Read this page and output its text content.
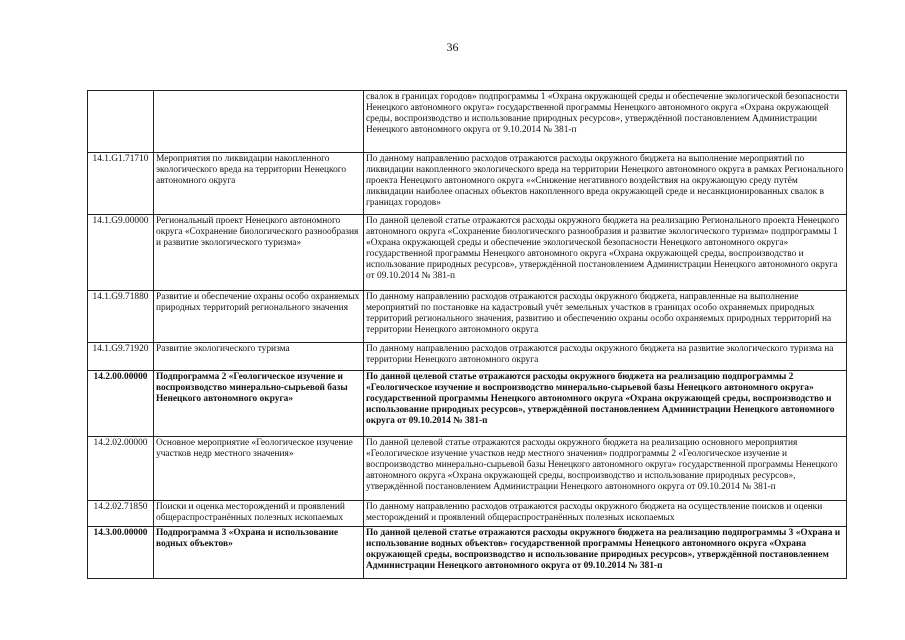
36
		свалок в границах городов» подпрограммы 1 «Охрана окружающей среды и обеспечение экологической безопасности Ненецкого автономного округа» государственной программы Ненецкого автономного округа «Охрана окружающей среды, воспроизводство и использование природных ресурсов», утверждённой постановлением Администрации Ненецкого автономного округа от 9.10.2014 № 381-п
14.1.G1.71710	Мероприятия по ликвидации накопленного экологического вреда на территории Ненецкого автономного округа	По данному направлению расходов отражаются расходы окружного бюджета на выполнение мероприятий по ликвидации накопленного экологического вреда на территории Ненецкого автономного округа в рамках Регионального проекта Ненецкого автономного округа ««Снижение негативного воздействия на окружающую среду путём ликвидации наиболее опасных объектов накопленного вреда окружающей среде и несанкционированных свалок в границах городов»
14.1.G9.00000	Региональный проект Ненецкого автономного округа «Сохранение биологического разнообразия и развитие экологического туризма»	По данной целевой статье отражаются расходы окружного бюджета на реализацию Регионального проекта Ненецкого автономного округа «Сохранение биологического разнообразия и развитие экологического туризма» подпрограммы 1 «Охрана окружающей среды и обеспечение экологической безопасности Ненецкого автономного округа» государственной программы Ненецкого автономного округа «Охрана окружающей среды, воспроизводство и использование природных ресурсов», утверждённой постановлением Администрации Ненецкого автономного округа от 09.10.2014 № 381-п
14.1.G9.71880	Развитие и обеспечение охраны особо охраняемых природных территорий регионального значения	По данному направлению расходов отражаются расходы окружного бюджета, направленные на выполнение мероприятий по постановке на кадастровый учёт земельных участков в границах особо охраняемых природных территорий регионального значения, развитию и обеспечению охраны особо охраняемых природных территорий на территории Ненецкого автономного округа
14.1.G9.71920	Развитие экологического туризма	По данному направлению расходов отражаются расходы окружного бюджета на развитие экологического туризма на территории Ненецкого автономного округа
14.2.00.00000	Подпрограмма 2 «Геологическое изучение и воспроизводство минерально-сырьевой базы Ненецкого автономного округа»	По данной целевой статье отражаются расходы окружного бюджета на реализацию подпрограммы 2 «Геологическое изучение и воспроизводство минерально-сырьевой базы Ненецкого автономного округа» государственной программы Ненецкого автономного округа «Охрана окружающей среды, воспроизводство и использование природных ресурсов», утверждённой постановлением Администрации Ненецкого автономного округа от 09.10.2014 № 381-п
14.2.02.00000	Основное мероприятие «Геологическое изучение участков недр местного значения»	По данной целевой статье отражаются расходы окружного бюджета на реализацию основного мероприятия «Геологическое изучение участков недр местного значения» подпрограммы 2 «Геологическое изучение и воспроизводство минерально-сырьевой базы Ненецкого автономного округа» государственной программы Ненецкого автономного округа «Охрана окружающей среды, воспроизводство и использование природных ресурсов», утверждённой постановлением Администрации Ненецкого автономного округа от 09.10.2014 № 381-п
14.2.02.71850	Поиски и оценка месторождений и проявлений общераспространённых полезных ископаемых	По данному направлению расходов отражаются расходы окружного бюджета на осуществление поисков и оценки месторождений и проявлений общераспространённых полезных ископаемых
14.3.00.00000	Подпрограмма 3 «Охрана и использование водных объектов»	По данной целевой статье отражаются расходы окружного бюджета на реализацию подпрограммы 3 «Охрана и использование водных объектов» государственной программы Ненецкого автономного округа «Охрана окружающей среды, воспроизводство и использование природных ресурсов», утверждённой постановлением Администрации Ненецкого автономного округа от 09.10.2014 № 381-п
